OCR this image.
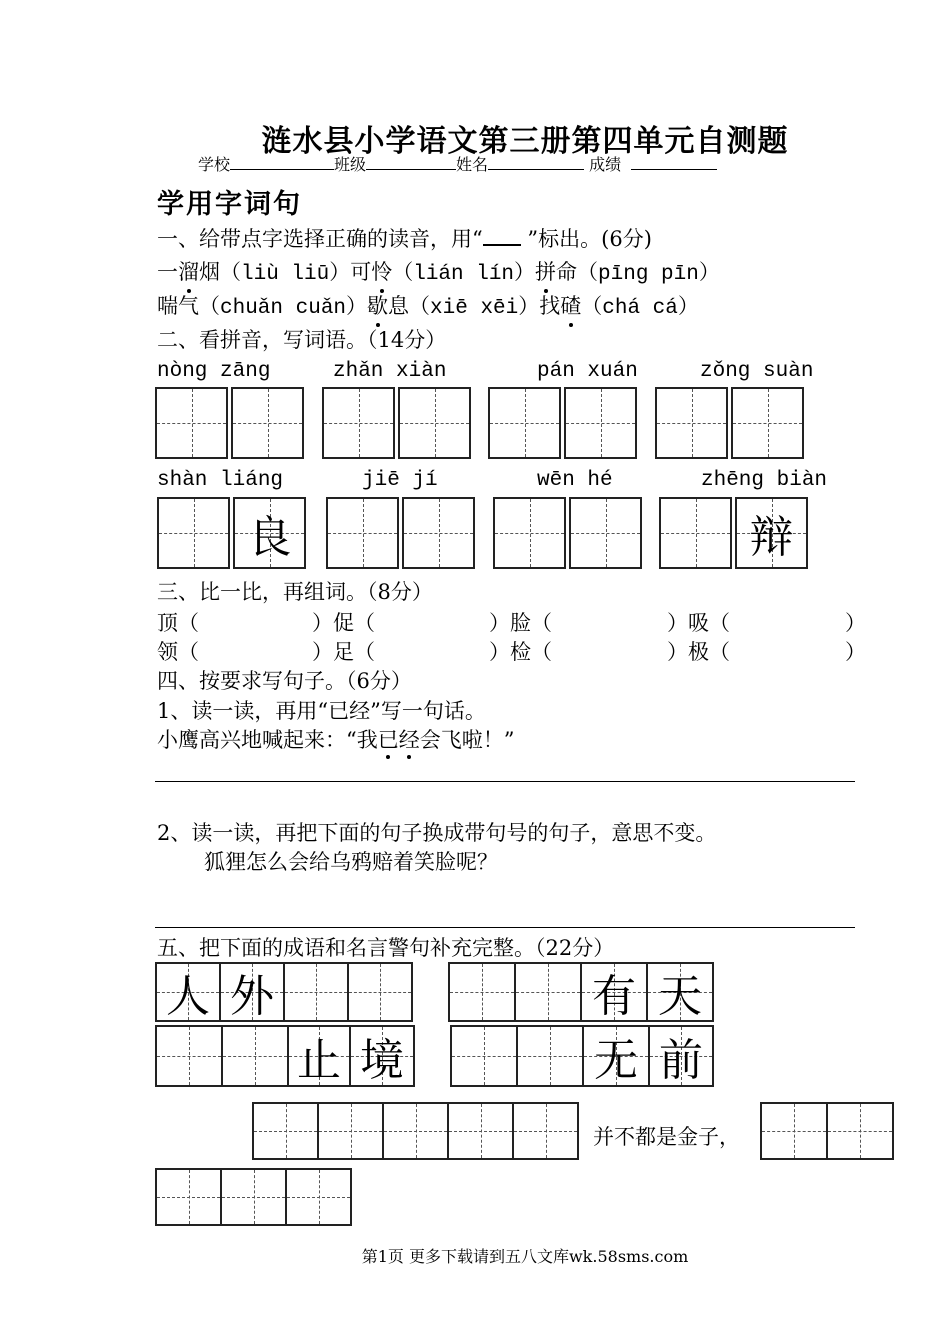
涟水县小学语文第三册第四单元自测题
学校	班级	姓名	成绩
学用字词句
一、给带点字选择正确的读音，用“ ”标出。(6分)
一溜烟（liù liū）可怜（lián lín）拼命（pīng pīn）
喘气（chuǎn cuǎn）歇息（xiē xēi）找碴（chá cá）
二、看拼音，写词语。（14分）
nòng zāng	zhǎn xiàn	pán xuán	zǒng suàn
shàn liáng	jiē jí	wēn hé	zhēng biàn
良	辩
三、比一比，再组词。（8分）
顶（	）促（	）脸（	）吸（	）
领（	）足（	）检（	）极（	）
四、按要求写句子。（6分）
1、读一读，再用“已经”写一句话。
小鹰高兴地喊起来：“我已经会飞啦！”
2、读一读，再把下面的句子换成带句号的句子，意思不变。
狐狸怎么会给乌鸦赔着笑脸呢？
五、把下面的成语和名言警句补充完整。（22分）
人 外	有 天
止 境	无 前
并不都是金子，
第1页 更多下载请到五八文库wk.58sms.com
